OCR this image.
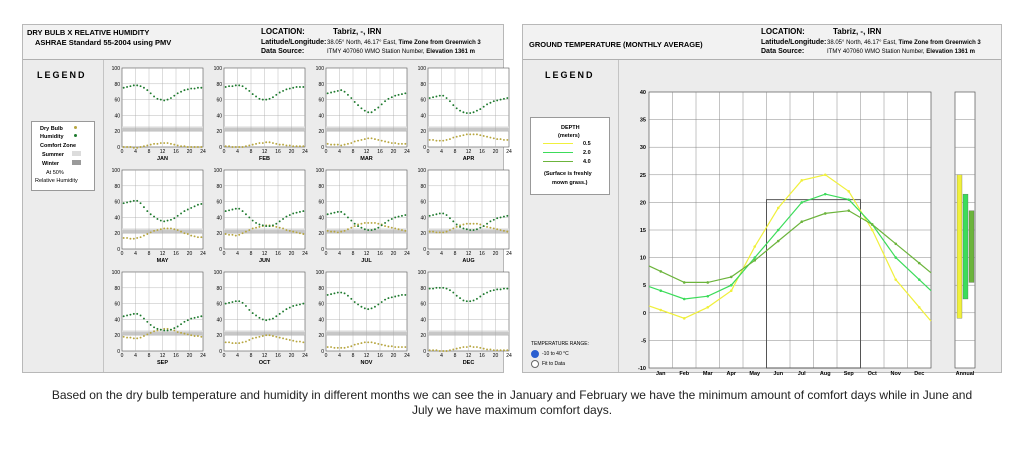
DRY BULB X RELATIVE HUMIDITY
ASHRAE Standard 55-2004 using PMV
LOCATION:	Tabriz, -, IRN
Latitude/Longitude: 38.05° North, 46.17° East, Time Zone from Greenwich 3
Data Source:	ITMY 407060 WMO Station Number, Elevation 1361 m
LEGEND
Dry Bulb
Humidity
Comfort Zone
Summer
Winter
At 50%
Relative Humidity
0
20
40
60
80
100
0 4 8 12 16 20 24
JAN
0
20
40
60
80
100
0 4 8 12 16 20 24
FEB
0
20
40
60
80
100
0 4 8 12 16 20 24
MAR
0
20
40
60
80
100
0 4 8 12 16 20 24
APR
0
20
40
60
80
100
0 4 8 12 16 20 24
MAY
0
20
40
60
80
100
0 4 8 12 16 20 24
JUN
0
20
40
60
80
100
0 4 8 12 16 20 24
JUL
0
20
40
60
80
100
0 4 8 12 16 20 24
AUG
0
20
40
60
80
100
0 4 8 12 16 20 24
SEP
0
20
40
60
80
100
0 4 8 12 16 20 24
OCT
0
20
40
60
80
100
0 4 8 12 16 20 24
NOV
0
20
40
60
80
100
0 4 8 12 16 20 24
DEC
GROUND TEMPERATURE (MONTHLY AVERAGE)
LOCATION:	Tabriz, -, IRN
Latitude/Longitude: 38.05° North, 46.17° East, Time Zone from Greenwich 3
Data Source:	ITMY 407060 WMO Station Number, Elevation 1361 m
LEGEND
DEPTH
(meters)
0.5
2.0
4.0
(Surface is freshly
mown grass.)
TEMPERATURE RANGE:
-10 to 40 °C
Fit to Data
40
35
30
25
20
15
10
5
0
-5
-10
Jan	Feb Mar	Apr May Jun	Jul	Aug Sep	Oct Nov Dec	Annual
Based on the dry bulb temperature and humidity in different months we can see the in January and February we have the minimum amount of comfort days while in June and July we have maximum comfort days.
